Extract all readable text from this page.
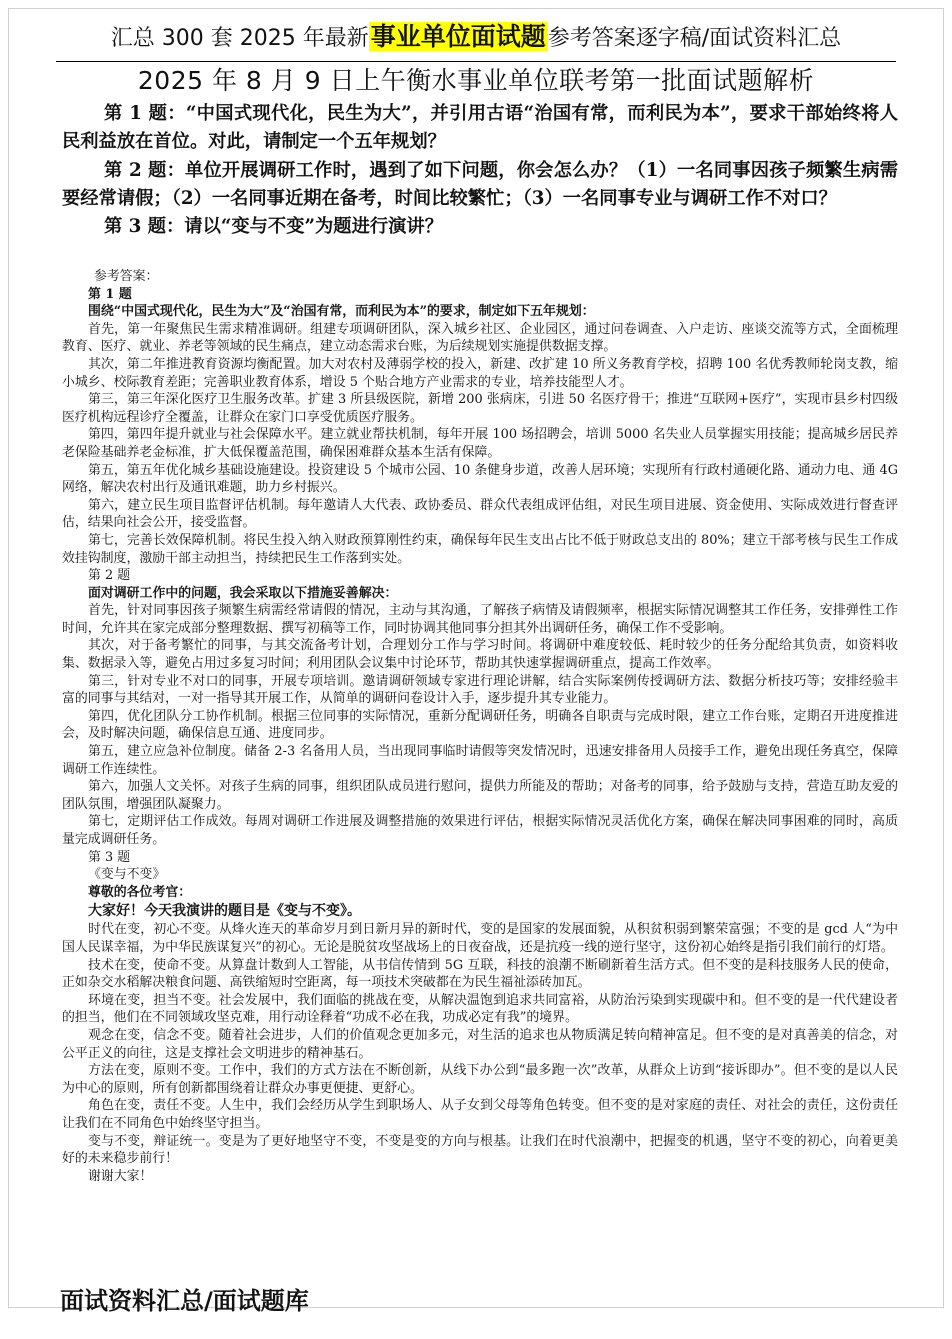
汇总 300 套 2025 年最新事业单位面试题参考答案逐字稿/面试资料汇总
2025 年 8 月 9 日上午衡水事业单位联考第一批面试题解析

第 1 题：“中国式现代化，民生为大”，并引用古语“治国有常，而利民为本”，要求干部始终将人民利益放在首位。对此，请制定一个五年规划？

第 2 题：单位开展调研工作时，遇到了如下问题，你会怎么办？（1）一名同事因孩子频繁生病需要经常请假；（2）一名同事近期在备考，时间比较繁忙；（3）一名同事专业与调研工作不对口？

第 3 题：请以“变与不变”为题进行演讲？

参考答案：

第 1 题

围绕“中国式现代化，民生为大”及“治国有常，而利民为本”的要求，制定如下五年规划：

首先，第一年聚焦民生需求精准调研。组建专项调研团队，深入城乡社区、企业园区，通过问卷调查、入户走访、座谈交流等方式，全面梳理教育、医疗、就业、养老等领域的民生痛点，建立动态需求台账，为后续规划实施提供数据支撑。

其次，第二年推进教育资源均衡配置。加大对农村及薄弱学校的投入，新建、改扩建 10 所义务教育学校，招聘 100 名优秀教师轮岗支教，缩小城乡、校际教育差距；完善职业教育体系，增设 5 个贴合地方产业需求的专业，培养技能型人才。

第三，第三年深化医疗卫生服务改革。扩建 3 所县级医院，新增 200 张病床，引进 50 名医疗骨干；推进“互联网+医疗”，实现市县乡村四级医疗机构远程诊疗全覆盖，让群众在家门口享受优质医疗服务。

第四，第四年提升就业与社会保障水平。建立就业帮扶机制，每年开展 100 场招聘会，培训 5000 名失业人员掌握实用技能；提高城乡居民养老保险基础养老金标准，扩大低保覆盖范围，确保困难群众基本生活有保障。

第五，第五年优化城乡基础设施建设。投资建设 5 个城市公园、10 条健身步道，改善人居环境；实现所有行政村通硬化路、通动力电、通 4G 网络，解决农村出行及通讯难题，助力乡村振兴。

第六，建立民生项目监督评估机制。每年邀请人大代表、政协委员、群众代表组成评估组，对民生项目进展、资金使用、实际成效进行督查评估，结果向社会公开，接受监督。

第七，完善长效保障机制。将民生投入纳入财政预算刚性约束，确保每年民生支出占比不低于财政总支出的 80%；建立干部考核与民生工作成效挂钩制度，激励干部主动担当，持续把民生工作落到实处。

第 2 题

面对调研工作中的问题，我会采取以下措施妥善解决：

首先，针对同事因孩子频繁生病需经常请假的情况，主动与其沟通，了解孩子病情及请假频率，根据实际情况调整其工作任务，安排弹性工作时间，允许其在家完成部分整理数据、撰写初稿等工作，同时协调其他同事分担其外出调研任务，确保工作不受影响。

其次，对于备考繁忙的同事，与其交流备考计划，合理划分工作与学习时间。将调研中难度较低、耗时较少的任务分配给其负责，如资料收集、数据录入等，避免占用过多复习时间；利用团队会议集中讨论环节，帮助其快速掌握调研重点，提高工作效率。

第三，针对专业不对口的同事，开展专项培训。邀请调研领域专家进行理论讲解，结合实际案例传授调研方法、数据分析技巧等；安排经验丰富的同事与其结对，一对一指导其开展工作，从简单的调研问卷设计入手，逐步提升其专业能力。

第四，优化团队分工协作机制。根据三位同事的实际情况，重新分配调研任务，明确各自职责与完成时限，建立工作台账，定期召开进度推进会，及时解决问题，确保信息互通、进度同步。

第五，建立应急补位制度。储备 2-3 名备用人员，当出现同事临时请假等突发情况时，迅速安排备用人员接手工作，避免出现任务真空，保障调研工作连续性。

第六，加强人文关怀。对孩子生病的同事，组织团队成员进行慰问，提供力所能及的帮助；对备考的同事，给予鼓励与支持，营造互助友爱的团队氛围，增强团队凝聚力。

第七，定期评估工作成效。每周对调研工作进展及调整措施的效果进行评估，根据实际情况灵活优化方案，确保在解决同事困难的同时，高质量完成调研任务。

第 3 题

《变与不变》

尊敬的各位考官：

大家好！今天我演讲的题目是《变与不变》。

时代在变，初心不变。从烽火连天的革命岁月到日新月异的新时代，变的是国家的发展面貌，从积贫积弱到繁荣富强；不变的是 gcd 人“为中国人民谋幸福，为中华民族谋复兴”的初心。无论是脱贫攻坚战场上的日夜奋战，还是抗疫一线的逆行坚守，这份初心始终是指引我们前行的灯塔。

技术在变，使命不变。从算盘计数到人工智能，从书信传情到 5G 互联，科技的浪潮不断刷新着生活方式。但不变的是科技服务人民的使命，正如杂交水稻解决粮食问题、高铁缩短时空距离，每一项技术突破都在为民生福祉添砖加瓦。

环境在变，担当不变。社会发展中，我们面临的挑战在变，从解决温饱到追求共同富裕，从防治污染到实现碳中和。但不变的是一代代建设者的担当，他们在不同领域攻坚克难，用行动诠释着“功成不必在我，功成必定有我”的境界。

观念在变，信念不变。随着社会进步，人们的价值观念更加多元，对生活的追求也从物质满足转向精神富足。但不变的是对真善美的信念，对公平正义的向往，这是支撑社会文明进步的精神基石。

方法在变，原则不变。工作中，我们的方式方法在不断创新，从线下办公到“最多跑一次”改革，从群众上访到“接诉即办”。但不变的是以人民为中心的原则，所有创新都围绕着让群众办事更便捷、更舒心。

角色在变，责任不变。人生中，我们会经历从学生到职场人、从子女到父母等角色转变。但不变的是对家庭的责任、对社会的责任，这份责任让我们在不同角色中始终坚守担当。

变与不变，辩证统一。变是为了更好地坚守不变，不变是变的方向与根基。让我们在时代浪潮中，把握变的机遇，坚守不变的初心，向着更美好的未来稳步前行！

谢谢大家！

面试资料汇总/面试题库
